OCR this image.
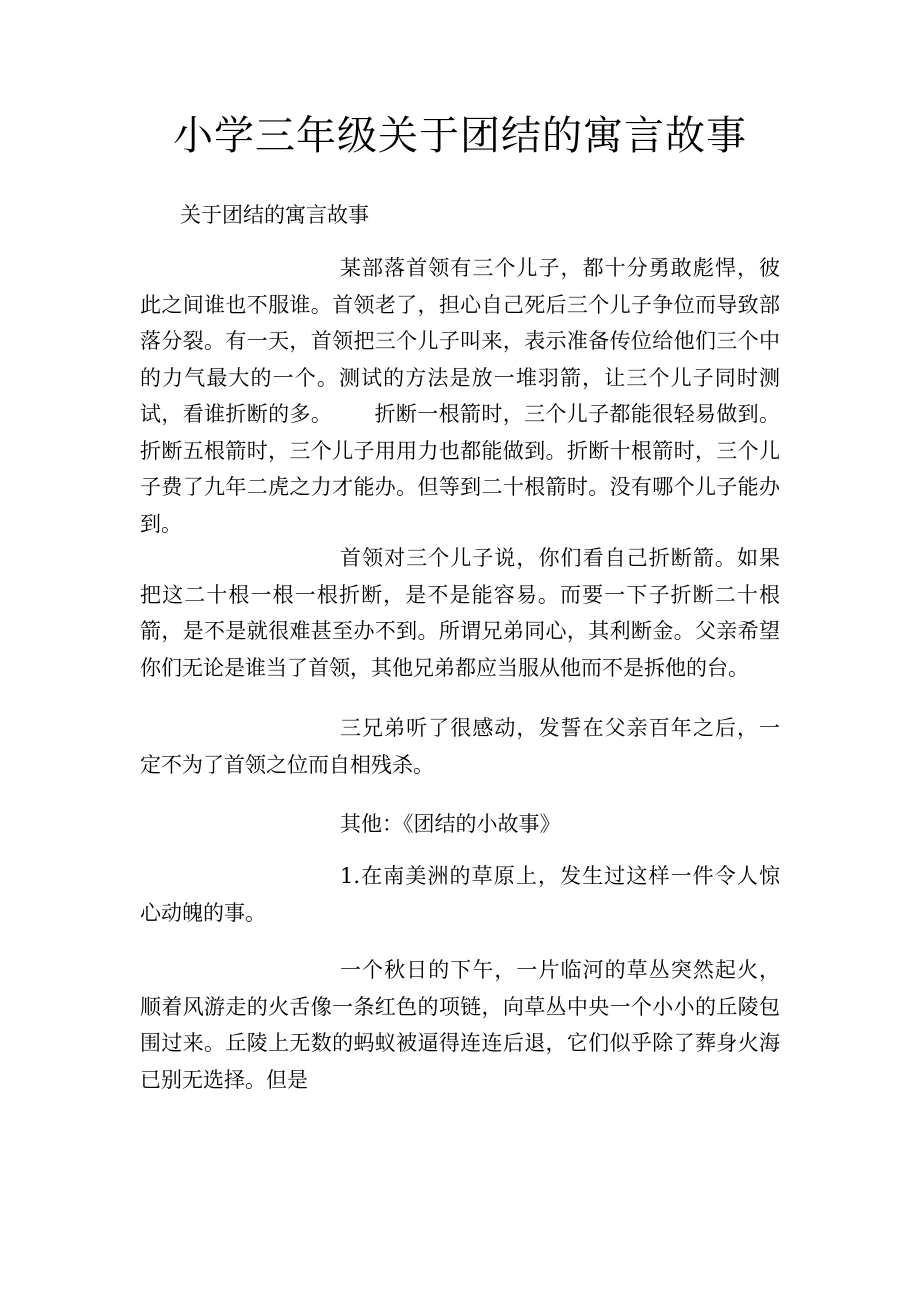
小学三年级关于团结的寓言故事

关于团结的寓言故事

某部落首领有三个儿子，都十分勇敢彪悍，彼此之间谁也不服谁。首领老了，担心自己死后三个儿子争位而导致部落分裂。有一天，首领把三个儿子叫来，表示准备传位给他们三个中的力气最大的一个。测试的方法是放一堆羽箭，让三个儿子同时测试，看谁折断的多。 折断一根箭时，三个儿子都能很轻易做到。折断五根箭时，三个儿子用用力也都能做到。折断十根箭时，三个儿子费了九年二虎之力才能办。但等到二十根箭时。没有哪个儿子能办到。

首领对三个儿子说，你们看自己折断箭。如果把这二十根一根一根折断，是不是能容易。而要一下子折断二十根箭，是不是就很难甚至办不到。所谓兄弟同心，其利断金。父亲希望你们无论是谁当了首领，其他兄弟都应当服从他而不是拆他的台。

三兄弟听了很感动，发誓在父亲百年之后，一定不为了首领之位而自相残杀。

其他：《团结的小故事》

1.在南美洲的草原上，发生过这样一件令人惊心动魄的事。

一个秋日的下午，一片临河的草丛突然起火，顺着风游走的火舌像一条红色的项链，向草丛中央一个小小的丘陵包围过来。丘陵上无数的蚂蚁被逼得连连后退，它们似乎除了葬身火海已别无选择。但是
